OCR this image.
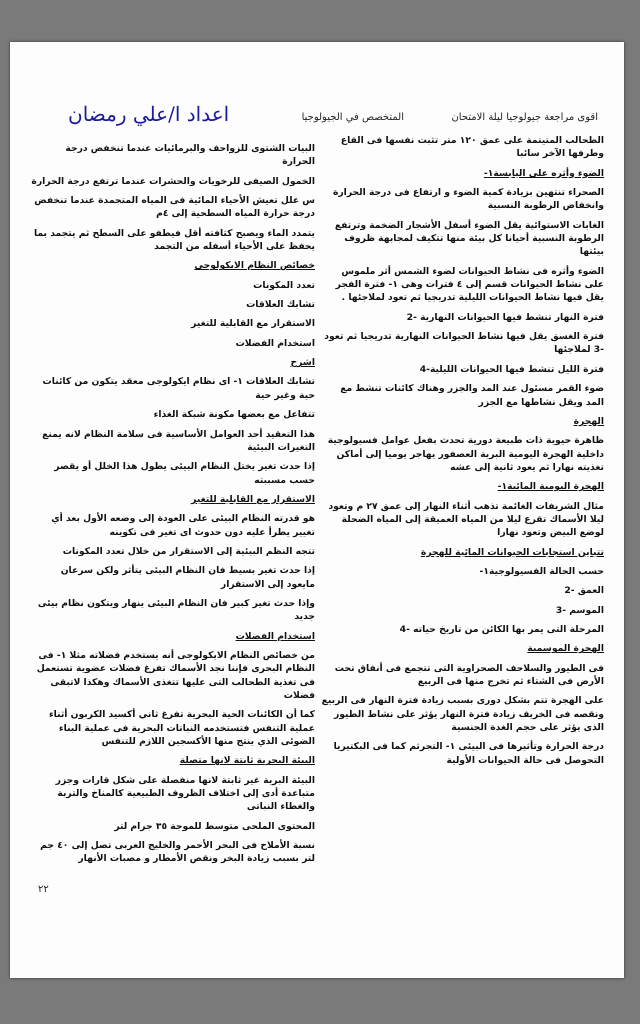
اقوى مراجعة جيولوجيا ليلة الامتحان
المتخصص في الجيولوجيا
اعداد ا/علي رمضان

الطحالب المتيتمة على عمق ١٢٠ متر تثبت نفسها فى القاع وطرفها الآخر سائبا

الضوء وأثره على اليابسة١-

الصحراء تنتهين بزيادة كمية الضوء و ارتفاع فى درجة الحرارة وانخفاض الرطوبة النسبية

الغابات الاستوائية يقل الضوء أسفل الأشجار الضخمة وترتفع الرطوبة النسبية أحيانا كل بيئة منها تتكيف لمجابهة ظروف بيئتها

الضوء وأثره فى نشاط الحيوانات لضوء الشمس أثر ملموس على نشاط الحيوانات قسم إلى ٤ فترات وهى ١- فترة الفجر يقل فيها نشاط الحيوانات الليلية تدريجيا ثم تعود لملاجئها .

فترة النهار تنشط فيها الحيوانات النهارية -2

فترة الغسق يقل فيها نشاط الحيوانات النهارية تدريجيا ثم تعود -3 لملاجئها

فترة الليل تنشط فيها الحيوانات الليلية-4

ضوء القمر مسئول عند المد والجزر وهناك كائنات تنشط مع المد ويقل نشاطها مع الجزر

الهجرة

ظاهرة حيوية ذات طبيعة دورية تحدث بفعل عوامل فسيولوجية داخلية الهجرة اليومية البرية العصفور يهاجر يوميا إلى أماكن تغذيته نهارا ثم يعود ثانية إلى عشه

الهجرة اليومية المائية١-

مثال الشريفات الغائمة تذهب أثناء النهار إلى عمق ٢٧ م وتعود ليلا الأسماك تقرع ليلا من المياه العميقة إلى المياه الضحلة لوضع البيض وتعود نهارا

تتباين استجابات الحيوانات المائية للهجرة

حسب الحالة الفسيولوجية١-

العمق -2

الموسم -3

المرحلة التى يمر بها الكائن من تاريخ حياته -4

الهجرة الموسمية

فى الطيور والسلاحف الصحراوية التى تتجمع فى أنفاق تحت الأرض فى الشتاء ثم تخرج منها فى الربيع

على الهجرة تتم بشكل دورى بسبب زيادة فترة النهار فى الربيع ونقصه فى الخريف زيادة فترة النهار يؤثر على نشاط الطيور الذى يؤثر على حجم الغدة الجنسية

درجة الحرارة وتأثيرها فى البيئى ١- التجرثم كما فى البكتيريا التحوصل فى حالة الحيوانات الأولية

البيات الشتوى للزواحف والبرمائيات عندما تنخفض درجة الحرارة

الخمول الصيفى للرخويات والحشرات عندما ترتفع درجة الحرارة

س علل تعيش الأحياء المائية فى المياه المتجمدة عندما تنخفض درجة حرارة المياه السطحية إلى ٤م

يتمدد الماء ويصبح كثافته أقل فيطفو على السطح ثم يتجمد بما يحفظ على الأحياء أسفله من التجمد

خصائص النظام الايكولوجى

تعدد المكونات

تشابك العلاقات

الاستقرار مع القابلية للتغير

استخدام الفضلات

اشرح

تشابك العلاقات ١- اى نظام ايكولوجى معقد يتكون من كائنات حية وغير حية

تتفاعل مع بعضها مكونة شبكة الغذاء

هذا التعقيد أحد العوامل الأساسية فى سلامة النظام لانه يمنع التغيرات البيئية

إذا حدث تغير يختل النظام البيئى يطول هذا الخلل أو يقصر حسب مسببته

الاستقرار مع القابلية للتغير

هو قدرته النظام البيئى على العودة إلى وضعه الأول بعد أي تغيير يطرأ عليه دون حدوث اى تغير فى تكوينه

تتجه النظم البيئية إلى الاستقرار من خلال تعدد المكونات

إذا حدث تغير بسيط فان النظام البيئى يتأثر ولكن سرعان مايعود إلى الاستقرار

وإذا حدث تغير كبير فان النظام البيئى ينهار ويتكون نظام بيئى جديد

استخدام الفضلات

من خصائص النظام الايكولوجى أنه يستخدم فضلاته مثلا ١- فى النظام البحرى فإننا نجد الأسماك تفرغ فضلات عضوية تستعمل فى تغذية الطحالب التى عليها تتغذى الأسماك وهكذا لاتبقى فضلات

كما أن الكائنات الحية البحرية تفرغ ثاني أكسيد الكربون أثناء عملية التنفس فتستخدمه النباتات البحرية فى عملية البناء الضوئى الذي ينتج منها الأكسجين اللازم للتنفس

البيئة البحرية ثابتة لانها متصلة

البيئة البرية غير ثابتة لانها منفصلة على شكل قارات وجزر متباعدة أدى إلى اختلاف الظروف الطبيعية كالمناخ والتربة والغطاء النباتى

المحتوى الملحى متوسط للموجة ٣٥ جرام لتر

نسبة الأملاح فى البحر الأحمر والخليج العربى تصل إلى ٤٠ جم لتر بسبب زيادة البخر ونقص الأمطار و مصبات الأنهار

٢٢
